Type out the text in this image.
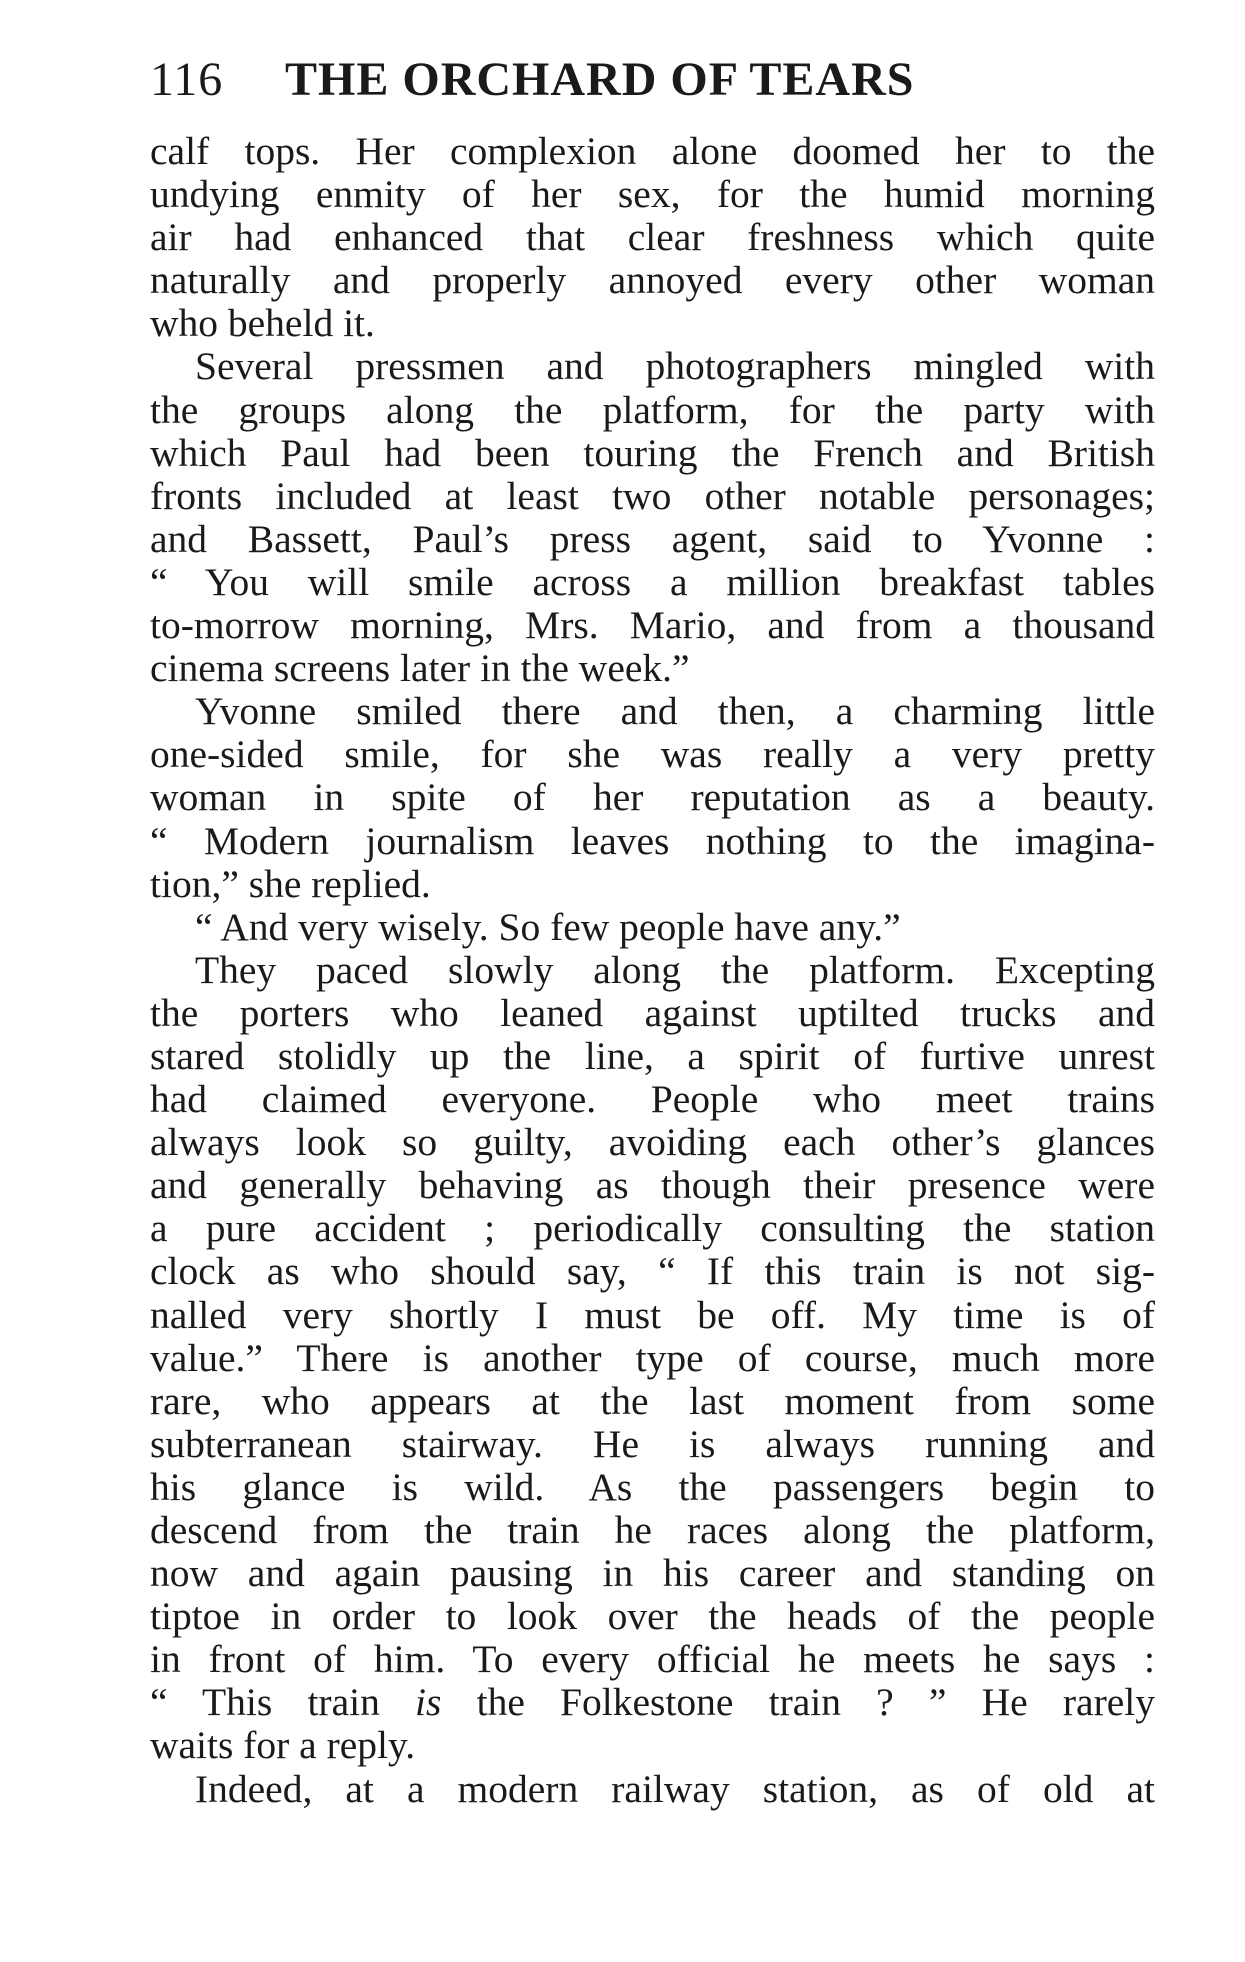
116 THE ORCHARD OF TEARS
calf tops. Her complexion alone doomed her to the
undying enmity of her sex, for the humid morning
air had enhanced that clear freshness which quite
naturally and properly annoyed every other woman
who beheld it.
Several pressmen and photographers mingled with
the groups along the platform, for the party with
which Paul had been touring the French and British
fronts included at least two other notable personages;
and Bassett, Paul’s press agent, said to Yvonne :
“ You will smile across a million breakfast tables
to-morrow morning, Mrs. Mario, and from a thousand
cinema screens later in the week.”
Yvonne smiled there and then, a charming little
one-sided smile, for she was really a very pretty
woman in spite of her reputation as a beauty.
“ Modern journalism leaves nothing to the imagina-
tion,” she replied.
“ And very wisely. So few people have any.”
They paced slowly along the platform. Excepting
the porters who leaned against uptilted trucks and
stared stolidly up the line, a spirit of furtive unrest
had claimed everyone. People who meet trains
always look so guilty, avoiding each other’s glances
and generally behaving as though their presence were
a pure accident ; periodically consulting the station
clock as who should say, “ If this train is not sig-
nalled very shortly I must be off. My time is of
value.” There is another type of course, much more
rare, who appears at the last moment from some
subterranean stairway. He is always running and
his glance is wild. As the passengers begin to
descend from the train he races along the platform,
now and again pausing in his career and standing on
tiptoe in order to look over the heads of the people
in front of him. To every official he meets he says :
“ This train is the Folkestone train ? ” He rarely
waits for a reply.
Indeed, at a modern railway station, as of old at
